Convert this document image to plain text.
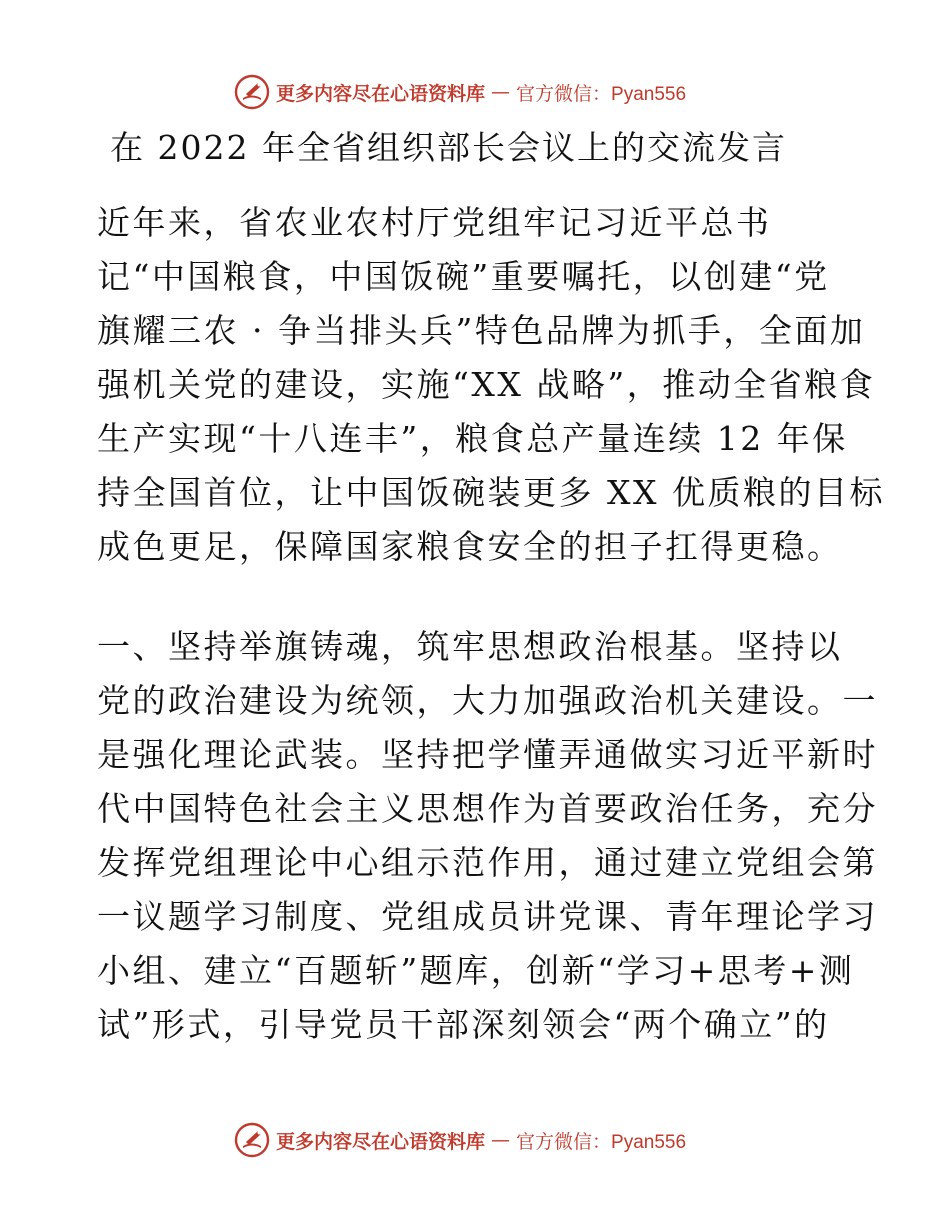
更多内容尽在心语资料库 — 官方微信：Pyan556
在 2022 年全省组织部长会议上的交流发言

近年来，省农业农村厅党组牢记习近平总书
记“中国粮食，中国饭碗”重要嘱托，以创建“党
旗耀三农 · 争当排头兵”特色品牌为抓手，全面加
强机关党的建设，实施“XX 战略”，推动全省粮食
生产实现“十八连丰”，粮食总产量连续 12 年保
持全国首位，让中国饭碗装更多 XX 优质粮的目标
成色更足，保障国家粮食安全的担子扛得更稳。

一、坚持举旗铸魂，筑牢思想政治根基。坚持以
党的政治建设为统领，大力加强政治机关建设。一
是强化理论武装。坚持把学懂弄通做实习近平新时
代中国特色社会主义思想作为首要政治任务，充分
发挥党组理论中心组示范作用，通过建立党组会第
一议题学习制度、党组成员讲党课、青年理论学习
小组、建立“百题斩”题库，创新“学习+思考+测
试”形式，引导党员干部深刻领会“两个确立”的

更多内容尽在心语资料库 — 官方微信：Pyan556
